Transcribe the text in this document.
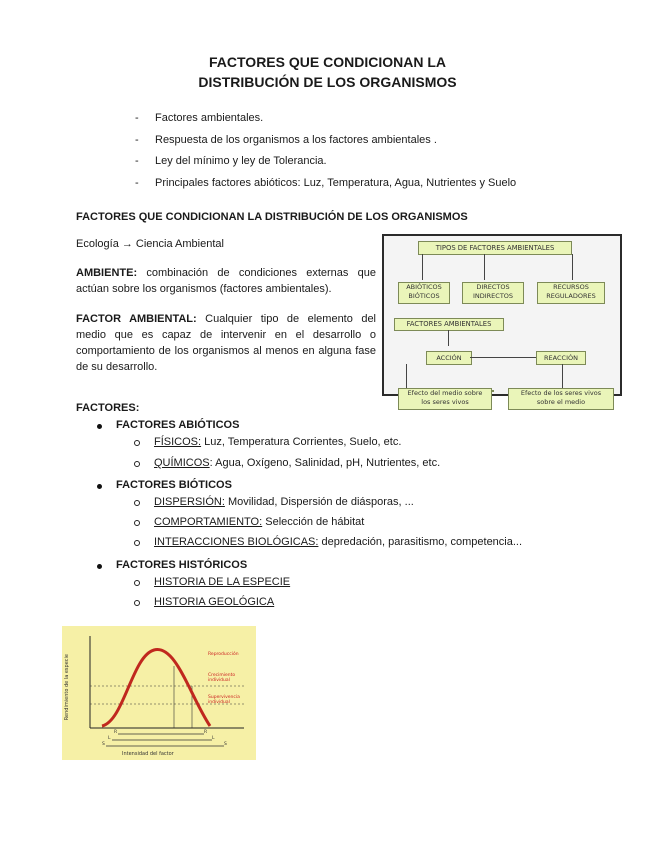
FACTORES QUE CONDICIONAN LA
DISTRIBUCIÓN DE LOS ORGANISMOS
- Factores ambientales.
- Respuesta de los organismos a los factores ambientales .
- Ley del mínimo y ley de Tolerancia.
- Principales factores abióticos: Luz, Temperatura, Agua, Nutrientes y Suelo
FACTORES QUE CONDICIONAN LA DISTRIBUCIÓN DE LOS ORGANISMOS
Ecología → Ciencia Ambiental
AMBIENTE: combinación de condiciones externas que actúan sobre los organismos (factores ambientales).
FACTOR AMBIENTAL: Cualquier tipo de elemento del medio que es capaz de intervenir en el desarrollo o comportamiento de los organismos al menos en alguna fase de su desarrollo.
TIPOS DE FACTORES AMBIENTALES
ABIÓTICOS
BIÓTICOS
DIRECTOS
INDIRECTOS
RECURSOS
REGULADORES
FACTORES AMBIENTALES
ACCIÓN	REACCIÓN
Efecto del medio sobre
los seres vivos
Efecto de los seres vivos
sobre el medio
FACTORES:
FACTORES ABIÓTICOS
FÍSICOS: Luz, Temperatura Corrientes, Suelo, etc.
QUÍMICOS: Agua, Oxígeno, Salinidad, pH, Nutrientes, etc.
FACTORES BIÓTICOS
DISPERSIÓN: Movilidad, Dispersión de diásporas, ...
COMPORTAMIENTO: Selección de hábitat
INTERACCIONES BIOLÓGICAS: depredación, parasitismo, competencia...
FACTORES HISTÓRICOS
HISTORIA DE LA ESPECIE
HISTORIA GEOLÓGICA
Rendimiento de la especie
Intensidad del factor
Reproducción
Crecimiento
individual
Supervivencia
individual
R	R
L	L
S	S
